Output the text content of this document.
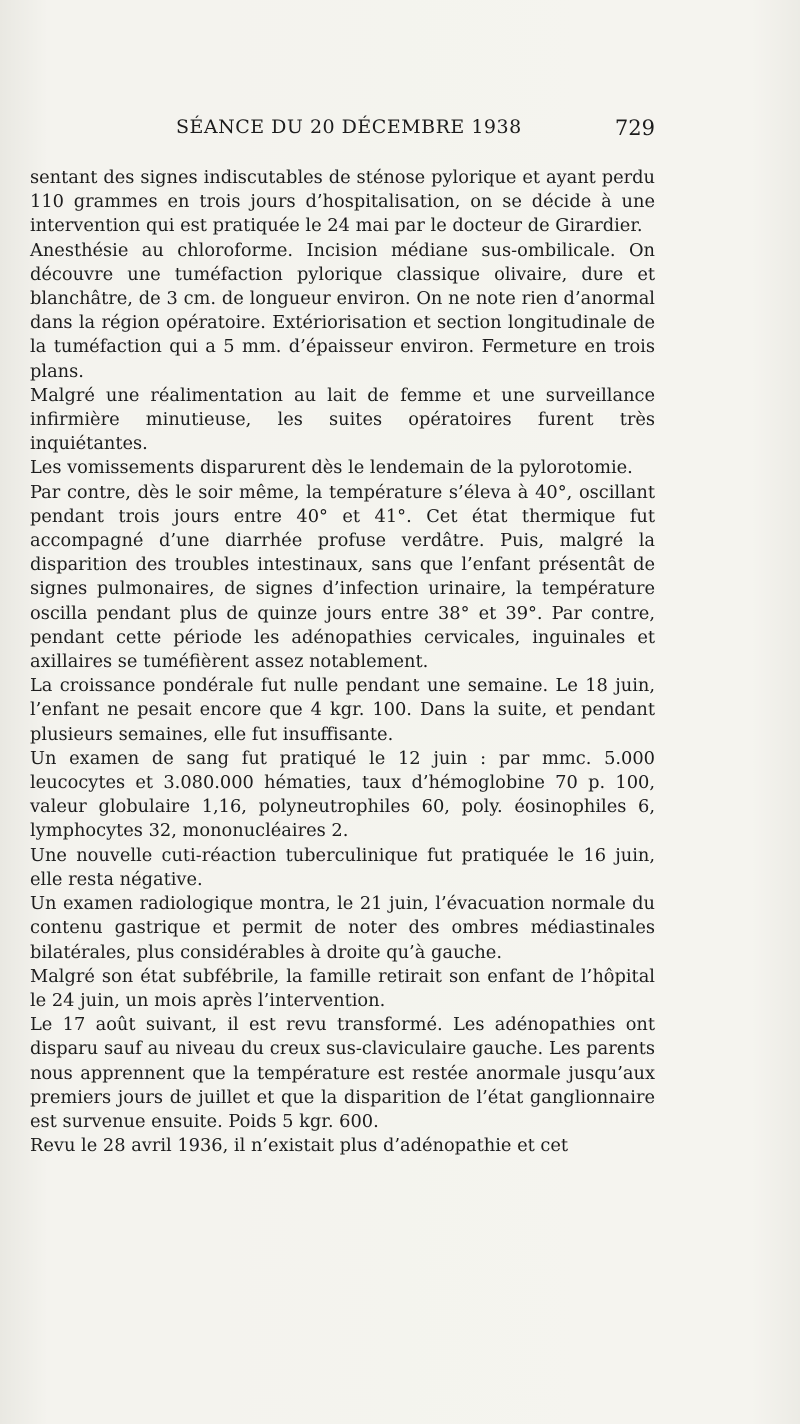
SÉANCE DU 20 DÉCEMBRE 1938	729

sentant des signes indiscutables de sténose pylorique et ayant perdu 110 grammes en trois jours d’hospitalisation, on se décide à une intervention qui est pratiquée le 24 mai par le docteur de Girardier.

Anesthésie au chloroforme. Incision médiane sus-ombilicale. On découvre une tuméfaction pylorique classique olivaire, dure et blanchâtre, de 3 cm. de longueur environ. On ne note rien d’anormal dans la région opératoire. Extériorisation et section longitudinale de la tuméfaction qui a 5 mm. d’épaisseur environ. Fermeture en trois plans.

Malgré une réalimentation au lait de femme et une surveillance infirmière minutieuse, les suites opératoires furent très inquiétantes.

Les vomissements disparurent dès le lendemain de la pylorotomie.

Par contre, dès le soir même, la température s’éleva à 40°, oscillant pendant trois jours entre 40° et 41°. Cet état thermique fut accompagné d’une diarrhée profuse verdâtre. Puis, malgré la disparition des troubles intestinaux, sans que l’enfant présentât de signes pulmonaires, de signes d’infection urinaire, la température oscilla pendant plus de quinze jours entre 38° et 39°. Par contre, pendant cette période les adénopathies cervicales, inguinales et axillaires se tuméfièrent assez notablement.

La croissance pondérale fut nulle pendant une semaine. Le 18 juin, l’enfant ne pesait encore que 4 kgr. 100. Dans la suite, et pendant plusieurs semaines, elle fut insuffisante.

Un examen de sang fut pratiqué le 12 juin : par mmc. 5.000 leucocytes et 3.080.000 hématies, taux d’hémoglobine 70 p. 100, valeur globulaire 1,16, polyneutrophiles 60, poly. éosinophiles 6, lymphocytes 32, mononucléaires 2.

Une nouvelle cuti-réaction tuberculinique fut pratiquée le 16 juin, elle resta négative.

Un examen radiologique montra, le 21 juin, l’évacuation normale du contenu gastrique et permit de noter des ombres médiastinales bilatérales, plus considérables à droite qu’à gauche.

Malgré son état subfébrile, la famille retirait son enfant de l’hôpital le 24 juin, un mois après l’intervention.

Le 17 août suivant, il est revu transformé. Les adénopathies ont disparu sauf au niveau du creux sus-claviculaire gauche. Les parents nous apprennent que la température est restée anormale jusqu’aux premiers jours de juillet et que la disparition de l’état ganglionnaire est survenue ensuite. Poids 5 kgr. 600.

Revu le 28 avril 1936, il n’existait plus d’adénopathie et cet
